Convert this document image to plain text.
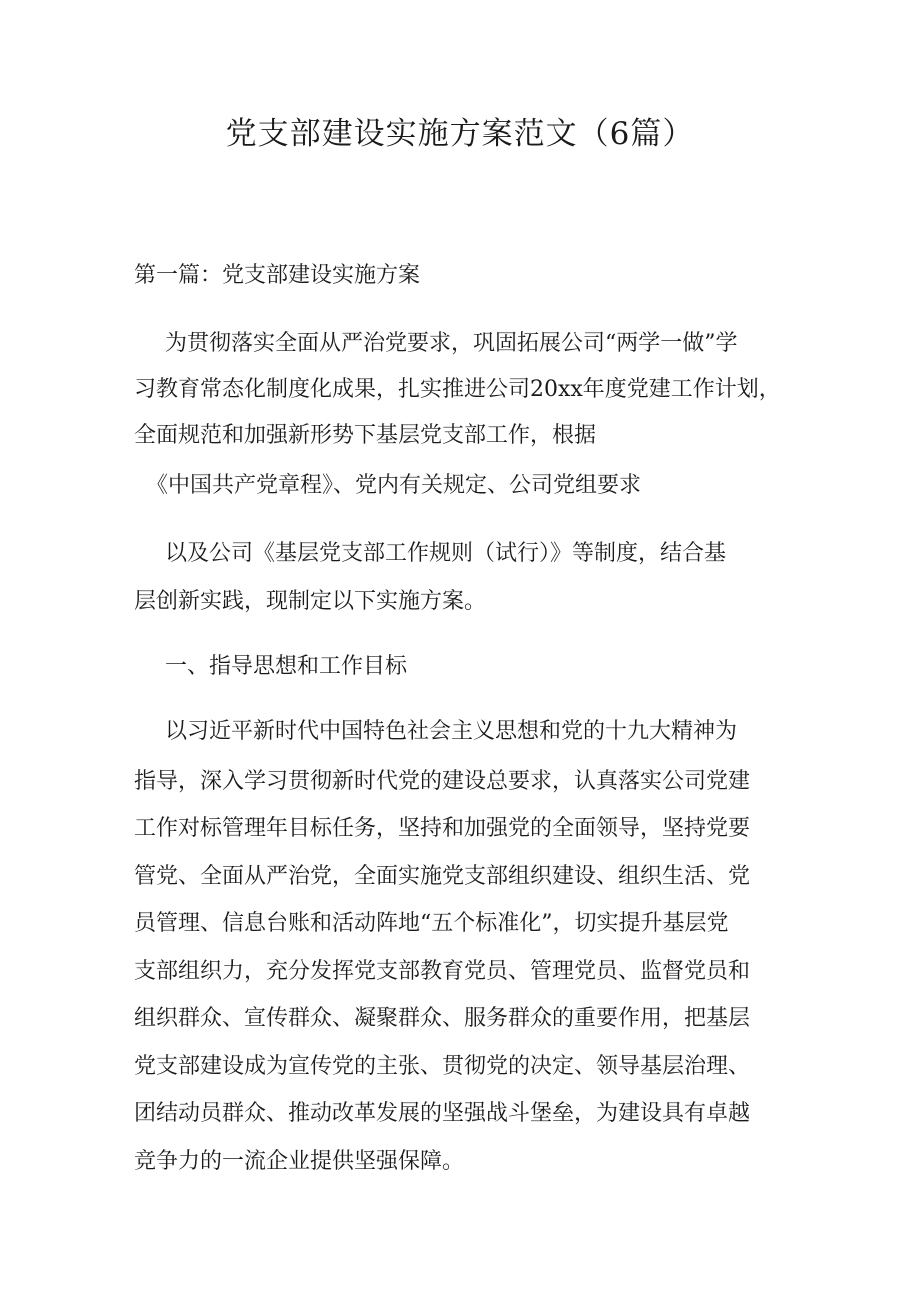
党支部建设实施方案范文（6篇）

第一篇：党支部建设实施方案

为贯彻落实全面从严治党要求，巩固拓展公司“两学一做”学

习教育常态化制度化成果，扎实推进公司20xx年度党建工作计划，

全面规范和加强新形势下基层党支部工作，根据

《中国共产党章程》、党内有关规定、公司党组要求

以及公司《基层党支部工作规则（试行）》等制度，结合基

层创新实践，现制定以下实施方案。

一、指导思想和工作目标

以习近平新时代中国特色社会主义思想和党的十九大精神为

指导，深入学习贯彻新时代党的建设总要求，认真落实公司党建

工作对标管理年目标任务，坚持和加强党的全面领导，坚持党要

管党、全面从严治党，全面实施党支部组织建设、组织生活、党

员管理、信息台账和活动阵地“五个标准化”，切实提升基层党

支部组织力，充分发挥党支部教育党员、管理党员、监督党员和

组织群众、宣传群众、凝聚群众、服务群众的重要作用，把基层

党支部建设成为宣传党的主张、贯彻党的决定、领导基层治理、

团结动员群众、推动改革发展的坚强战斗堡垒，为建设具有卓越

竞争力的一流企业提供坚强保障。
